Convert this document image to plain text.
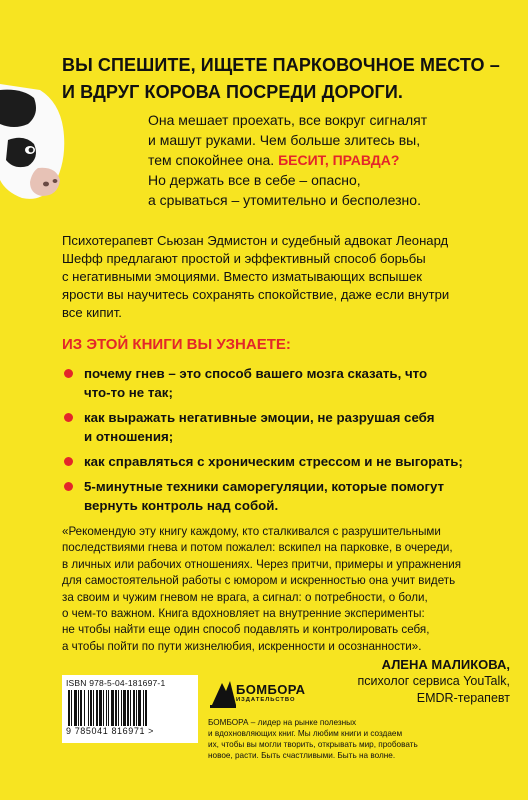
ВЫ СПЕШИТЕ, ИЩЕТЕ ПАРКОВОЧНОЕ МЕСТО –
И ВДРУГ КОРОВА ПОСРЕДИ ДОРОГИ.
Она мешает проехать, все вокруг сигналят
и машут руками. Чем больше злитесь вы,
тем спокойнее она. БЕСИТ, ПРАВДА?
Но держать все в себе – опасно,
а срываться – утомительно и бесполезно.
Психотерапевт Сьюзан Эдмистон и судебный адвокат Леонард
Шефф предлагают простой и эффективный способ борьбы
с негативными эмоциями. Вместо изматывающих вспышек
ярости вы научитесь сохранять спокойствие, даже если внутри
все кипит.
ИЗ ЭТОЙ КНИГИ ВЫ УЗНАЕТЕ:
почему гнев – это способ вашего мозга сказать, что
что-то не так;
как выражать негативные эмоции, не разрушая себя
и отношения;
как справляться с хроническим стрессом и не выгорать;
5-минутные техники саморегуляции, которые помогут
вернуть контроль над собой.
«Рекомендую эту книгу каждому, кто сталкивался с разрушительными
последствиями гнева и потом пожалел: вскипел на парковке, в очереди,
в личных или рабочих отношениях. Через притчи, примеры и упражнения
для самостоятельной работы с юмором и искренностью она учит видеть
за своим и чужим гневом не врага, а сигнал: о потребности, о боли,
о чем-то важном. Книга вдохновляет на внутренние эксперименты:
не чтобы найти еще один способ подавлять и контролировать себя,
а чтобы пойти по пути жизнелюбия, искренности и осознанности».
АЛЕНА МАЛИКОВА,
психолог сервиса YouTalk,
EMDR-терапевт
ISBN 978-5-04-181697-1
9 785041 816971 >
БОМБОРА
ИЗДАТЕЛЬСТВО
БОМБОРА – лидер на рынке полезных
и вдохновляющих книг. Мы любим книги и создаем
их, чтобы вы могли творить, открывать мир, пробовать
новое, расти. Быть счастливыми. Быть на волне.
